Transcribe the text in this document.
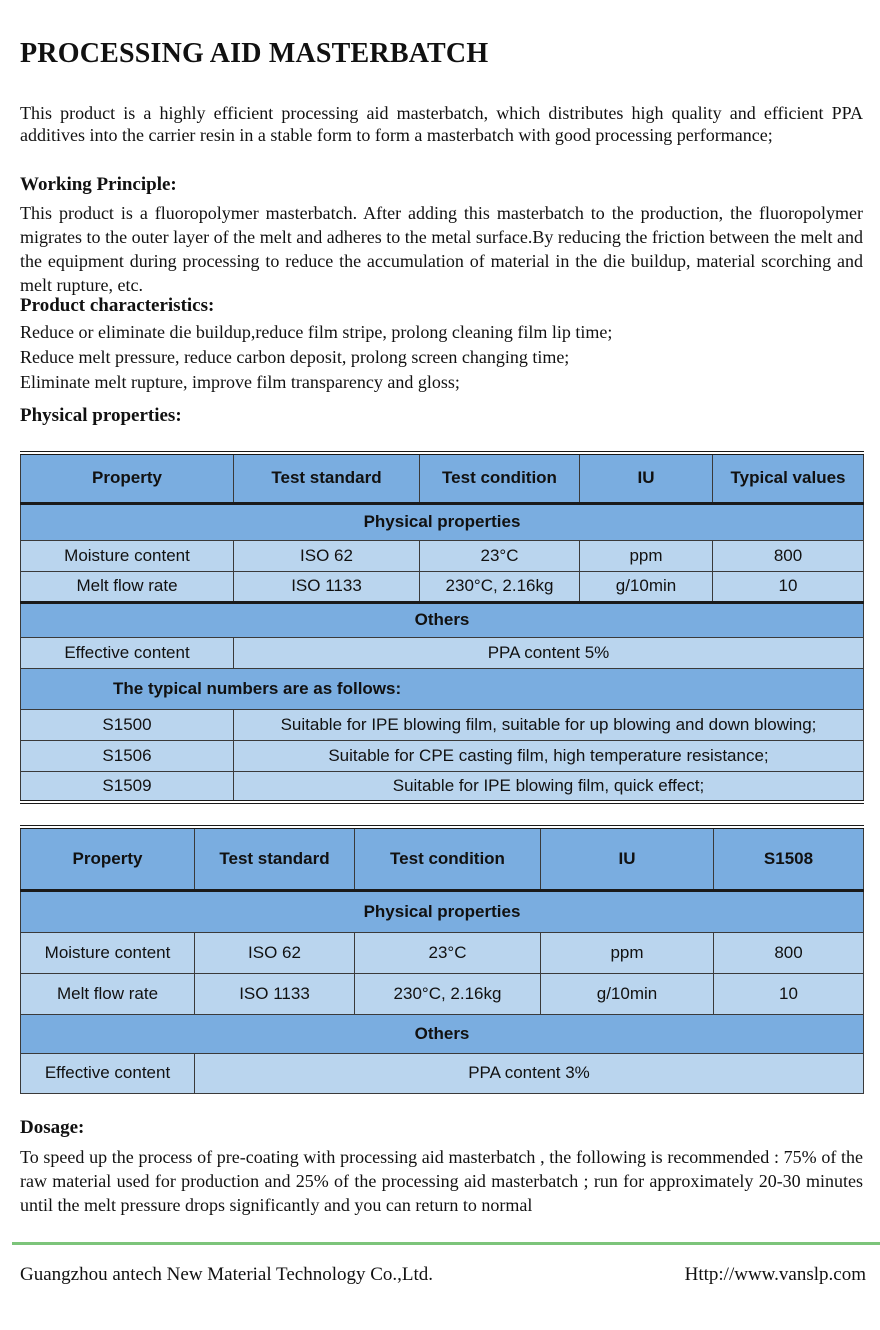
PROCESSING AID MASTERBATCH

This product is a highly efficient processing aid masterbatch, which distributes high quality and efficient PPA additives into the carrier resin in a stable form to form a masterbatch with good processing performance;

Working Principle:

This product is a fluoropolymer masterbatch. After adding this masterbatch to the production, the fluoropolymer migrates to the outer layer of the melt and adheres to the metal surface.By reducing the friction between the melt and the equipment during processing to reduce the accumulation of material in the die buildup, material scorching and melt rupture, etc.

Product characteristics:

Reduce or eliminate die buildup,reduce film stripe, prolong cleaning film lip time;

Reduce melt pressure, reduce carbon deposit, prolong screen changing time;

Eliminate melt rupture, improve film transparency and gloss;

Physical properties:
Property	Test standard	Test condition	IU	Typical values
Physical properties				
Moisture content	ISO 62	23°C	ppm	800
Melt flow rate	ISO 1133	230°C, 2.16kg	g/10min	10
Others				
Effective content	PPA content 5%			
The typical numbers are as follows:				
S1500	Suitable for IPE blowing film, suitable for up blowing and down blowing;			
S1506	Suitable for CPE casting film, high temperature resistance;			
S1509	Suitable for IPE blowing film, quick effect;			
Property	Test standard	Test condition	IU	S1508
Physical properties				
Moisture content	ISO 62	23°C	ppm	800
Melt flow rate	ISO 1133	230°C, 2.16kg	g/10min	10
Others				
Effective content	PPA content 3%			
Dosage:

To speed up the process of pre-coating with processing aid masterbatch , the following is recommended : 75% of the raw material used for production and 25% of the processing aid masterbatch ; run for approximately 20-30 minutes until the melt pressure drops significantly and you can return to normal

Guangzhou antech New Material Technology Co.,Ltd.	Http://www.vanslp.com
